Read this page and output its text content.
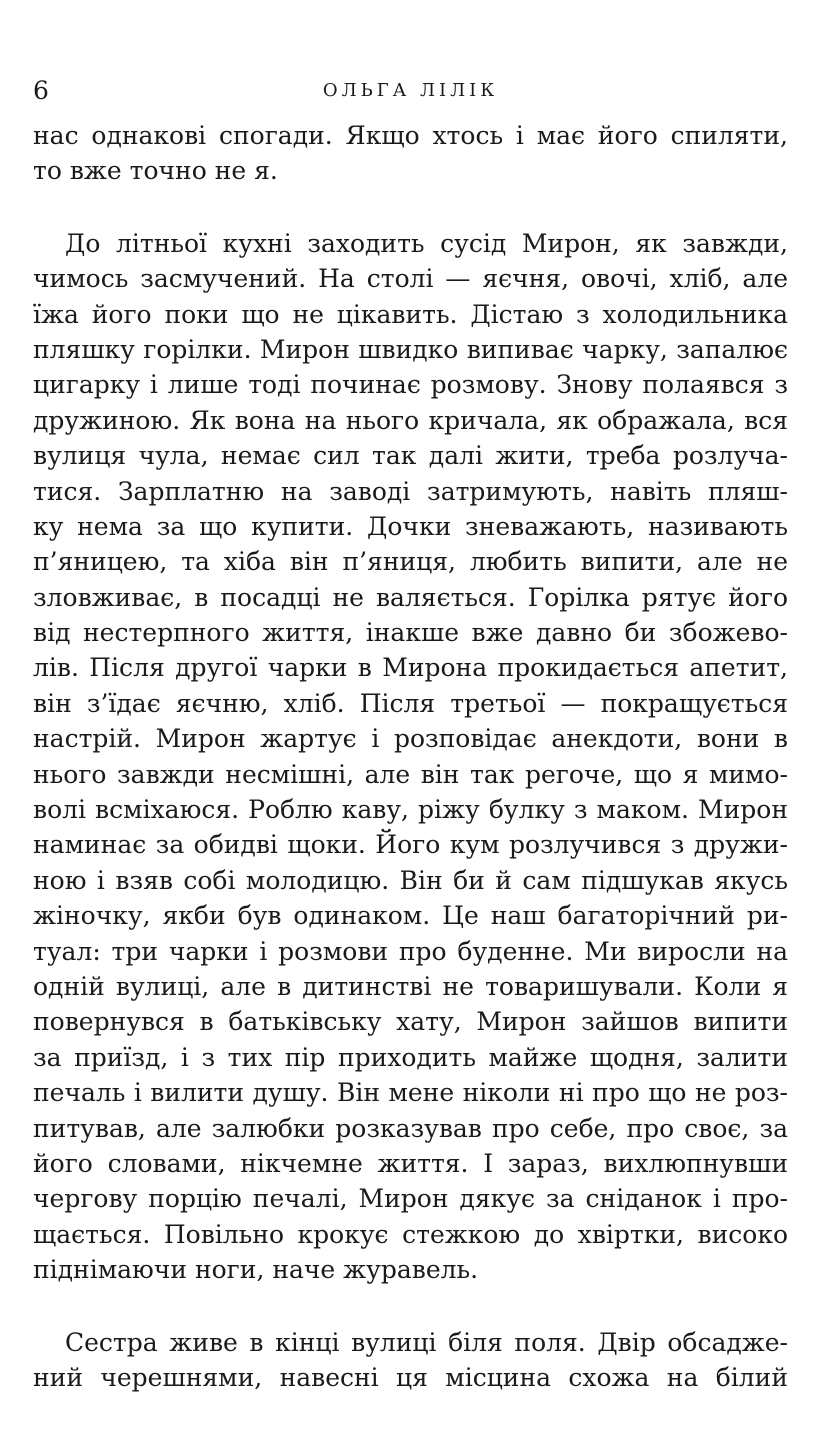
6	ОЛЬГА ЛІЛІК
нас однакові спогади. Якщо хтось і має його спиляти,
то вже точно не я.
До літньої кухні заходить сусід Мирон, як завжди,
чимось засмучений. На столі — яєчня, овочі, хліб, але
їжа його поки що не цікавить. Дістаю з холодильника
пляшку горілки. Мирон швидко випиває чарку, запалює
цигарку і лише тоді починає розмову. Знову полаявся з
дружиною. Як вона на нього кричала, як ображала, вся
вулиця чула, немає сил так далі жити, треба розлуча-
тися. Зарплатню на заводі затримують, навіть пляш-
ку нема за що купити. Дочки зневажають, називають
п’яницею, та хіба він п’яниця, любить випити, але не
зловживає, в посадці не валяється. Горілка рятує його
від нестерпного життя, інакше вже давно би збожево-
лів. Після другої чарки в Мирона прокидається апетит,
він з’їдає яєчню, хліб. Після третьої — покращується
настрій. Мирон жартує і розповідає анекдоти, вони в
нього завжди несмішні, але він так регоче, що я мимо-
волі всміхаюся. Роблю каву, ріжу булку з маком. Мирон
наминає за обидві щоки. Його кум розлучився з дружи-
ною і взяв собі молодицю. Він би й сам підшукав якусь
жіночку, якби був одинаком. Це наш багаторічний ри-
туал: три чарки і розмови про буденне. Ми виросли на
одній вулиці, але в дитинстві не товаришували. Коли я
повернувся в батьківську хату, Мирон зайшов випити
за приїзд, і з тих пір приходить майже щодня, залити
печаль і вилити душу. Він мене ніколи ні про що не роз-
питував, але залюбки розказував про себе, про своє, за
його словами, нікчемне життя. І зараз, вихлюпнувши
чергову порцію печалі, Мирон дякує за сніданок і про-
щається. Повільно крокує стежкою до хвіртки, високо
піднімаючи ноги, наче журавель.
Сестра живе в кінці вулиці біля поля. Двір обсадже-
ний черешнями, навесні ця місцина схожа на білий
